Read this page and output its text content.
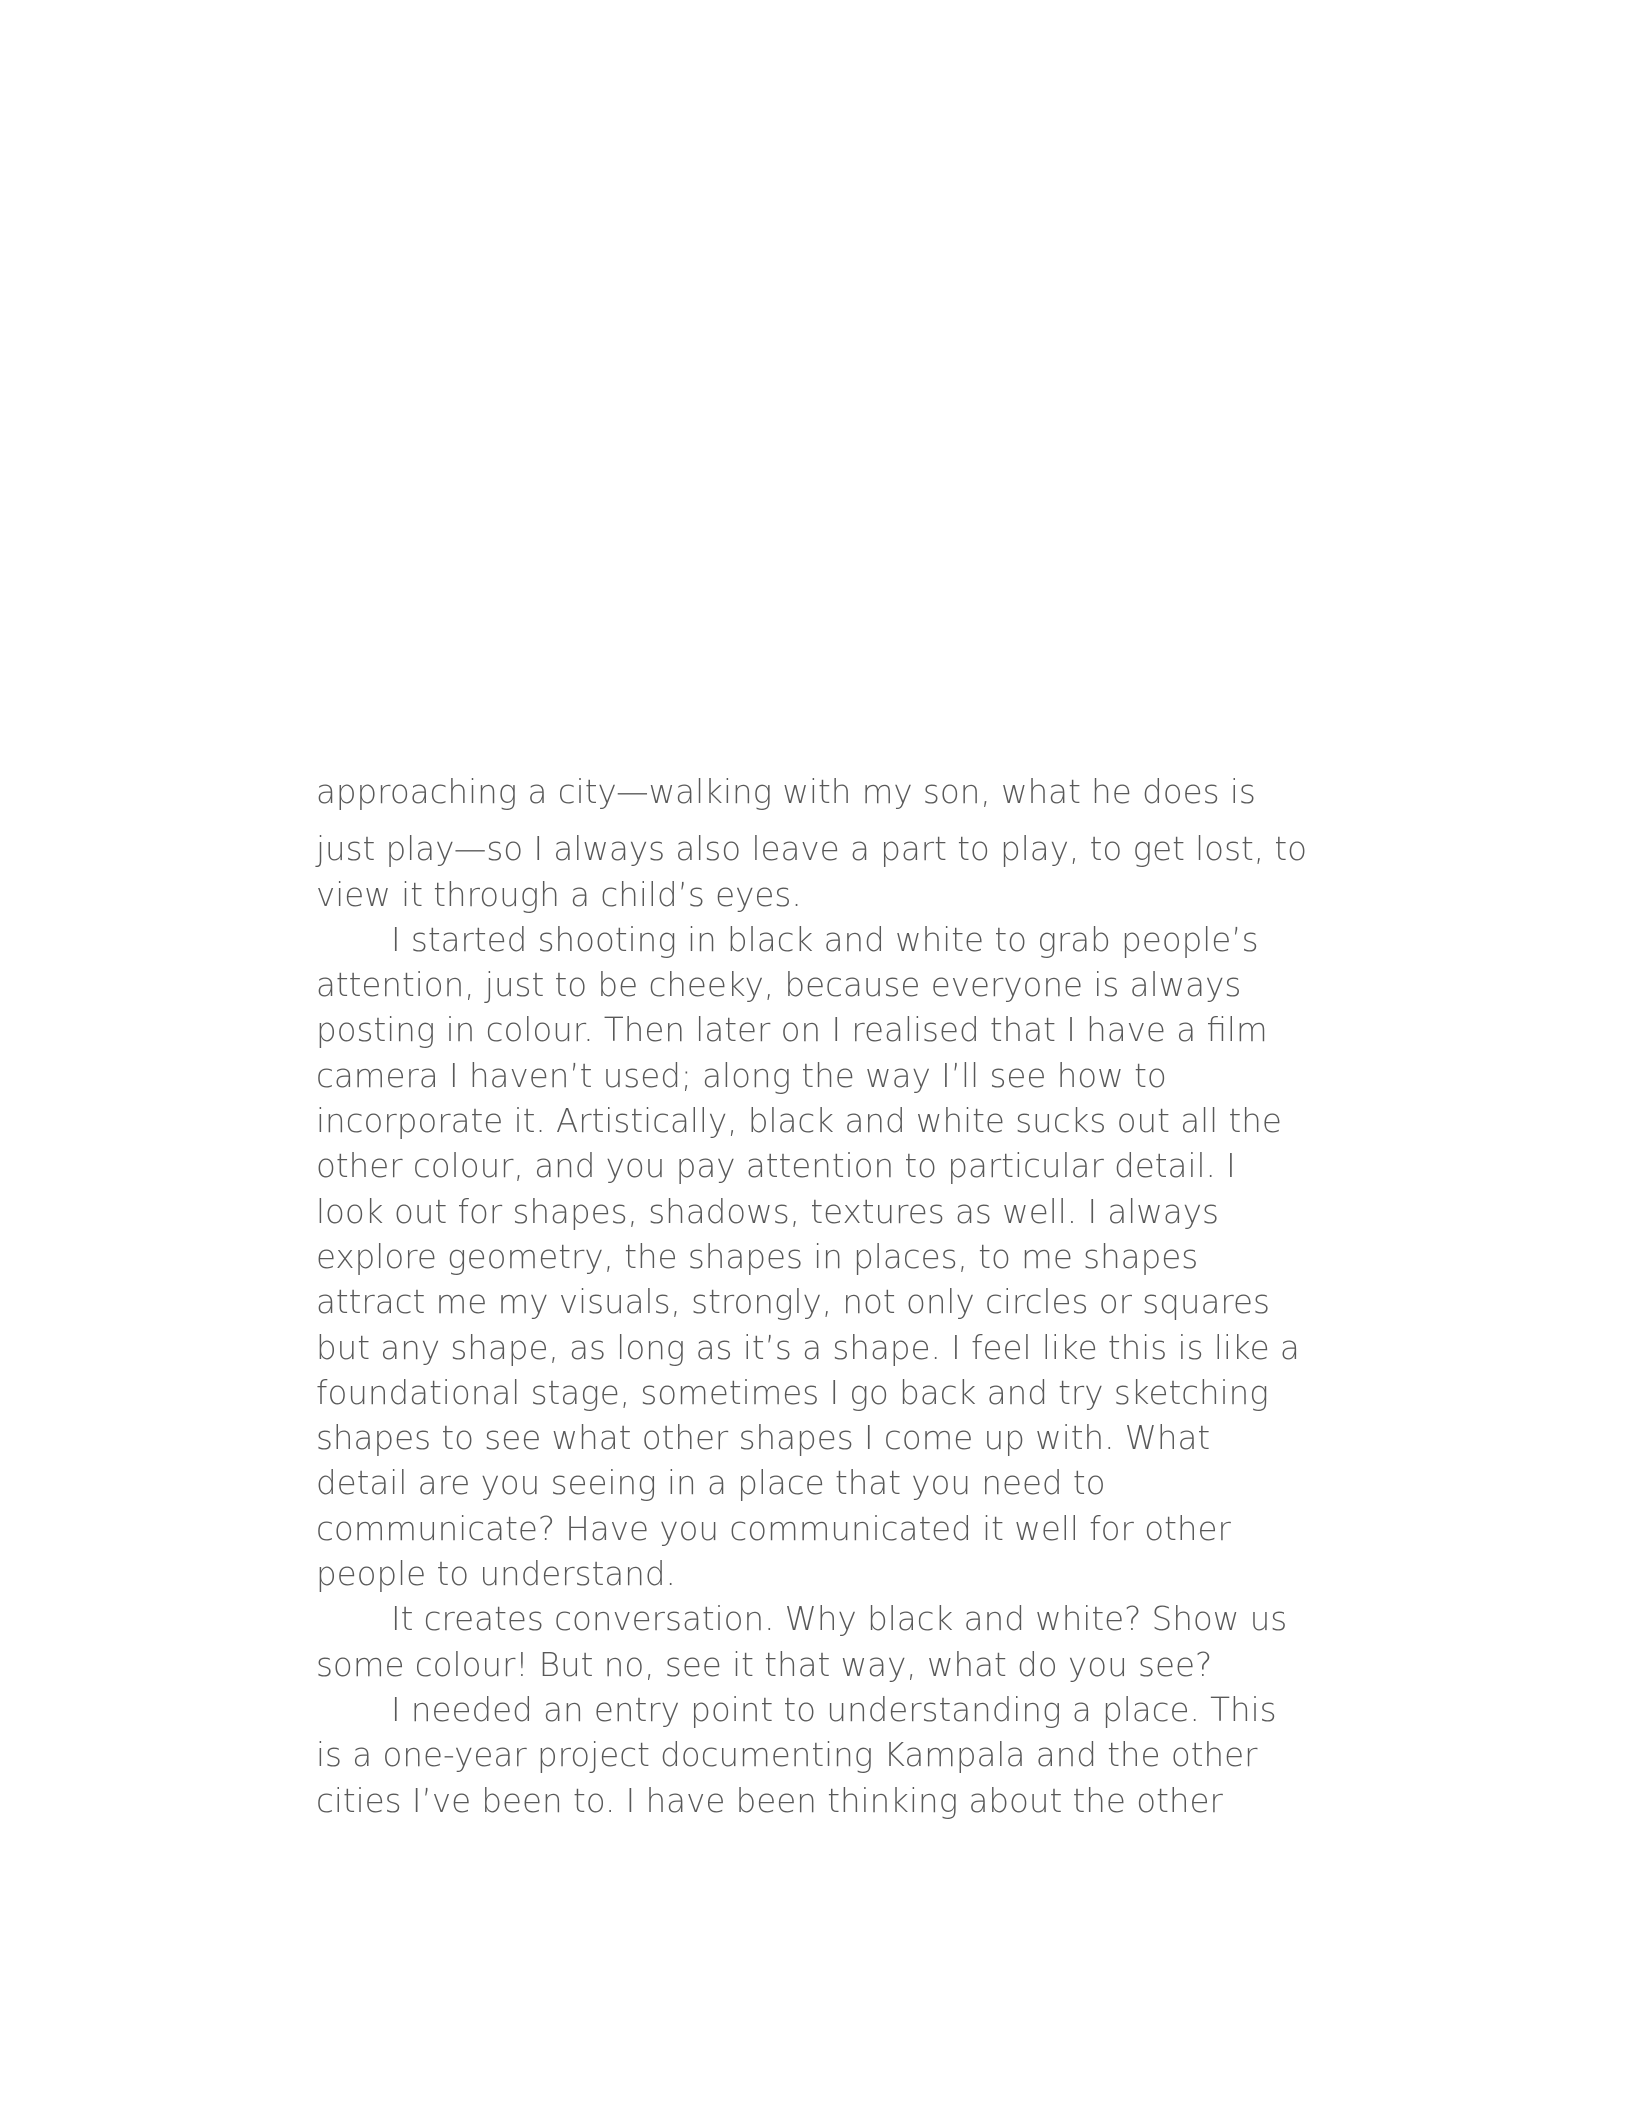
approaching a city—walking with my son, what he does is
just play—so I always also leave a part to play, to get lost, to
view it through a child’s eyes.
I started shooting in black and white to grab people’s
attention, just to be cheeky, because everyone is always
posting in colour. Then later on I realised that I have a film
camera I haven’t used; along the way I’ll see how to
incorporate it. Artistically, black and white sucks out all the
other colour, and you pay attention to particular detail. I
look out for shapes, shadows, textures as well. I always
explore geometry, the shapes in places, to me shapes
attract me my visuals, strongly, not only circles or squares
but any shape, as long as it’s a shape. I feel like this is like a
foundational stage, sometimes I go back and try sketching
shapes to see what other shapes I come up with. What
detail are you seeing in a place that you need to
communicate? Have you communicated it well for other
people to understand.
It creates conversation. Why black and white? Show us
some colour! But no, see it that way, what do you see?
I needed an entry point to understanding a place. This
is a one-year project documenting Kampala and the other
cities I’ve been to. I have been thinking about the other
